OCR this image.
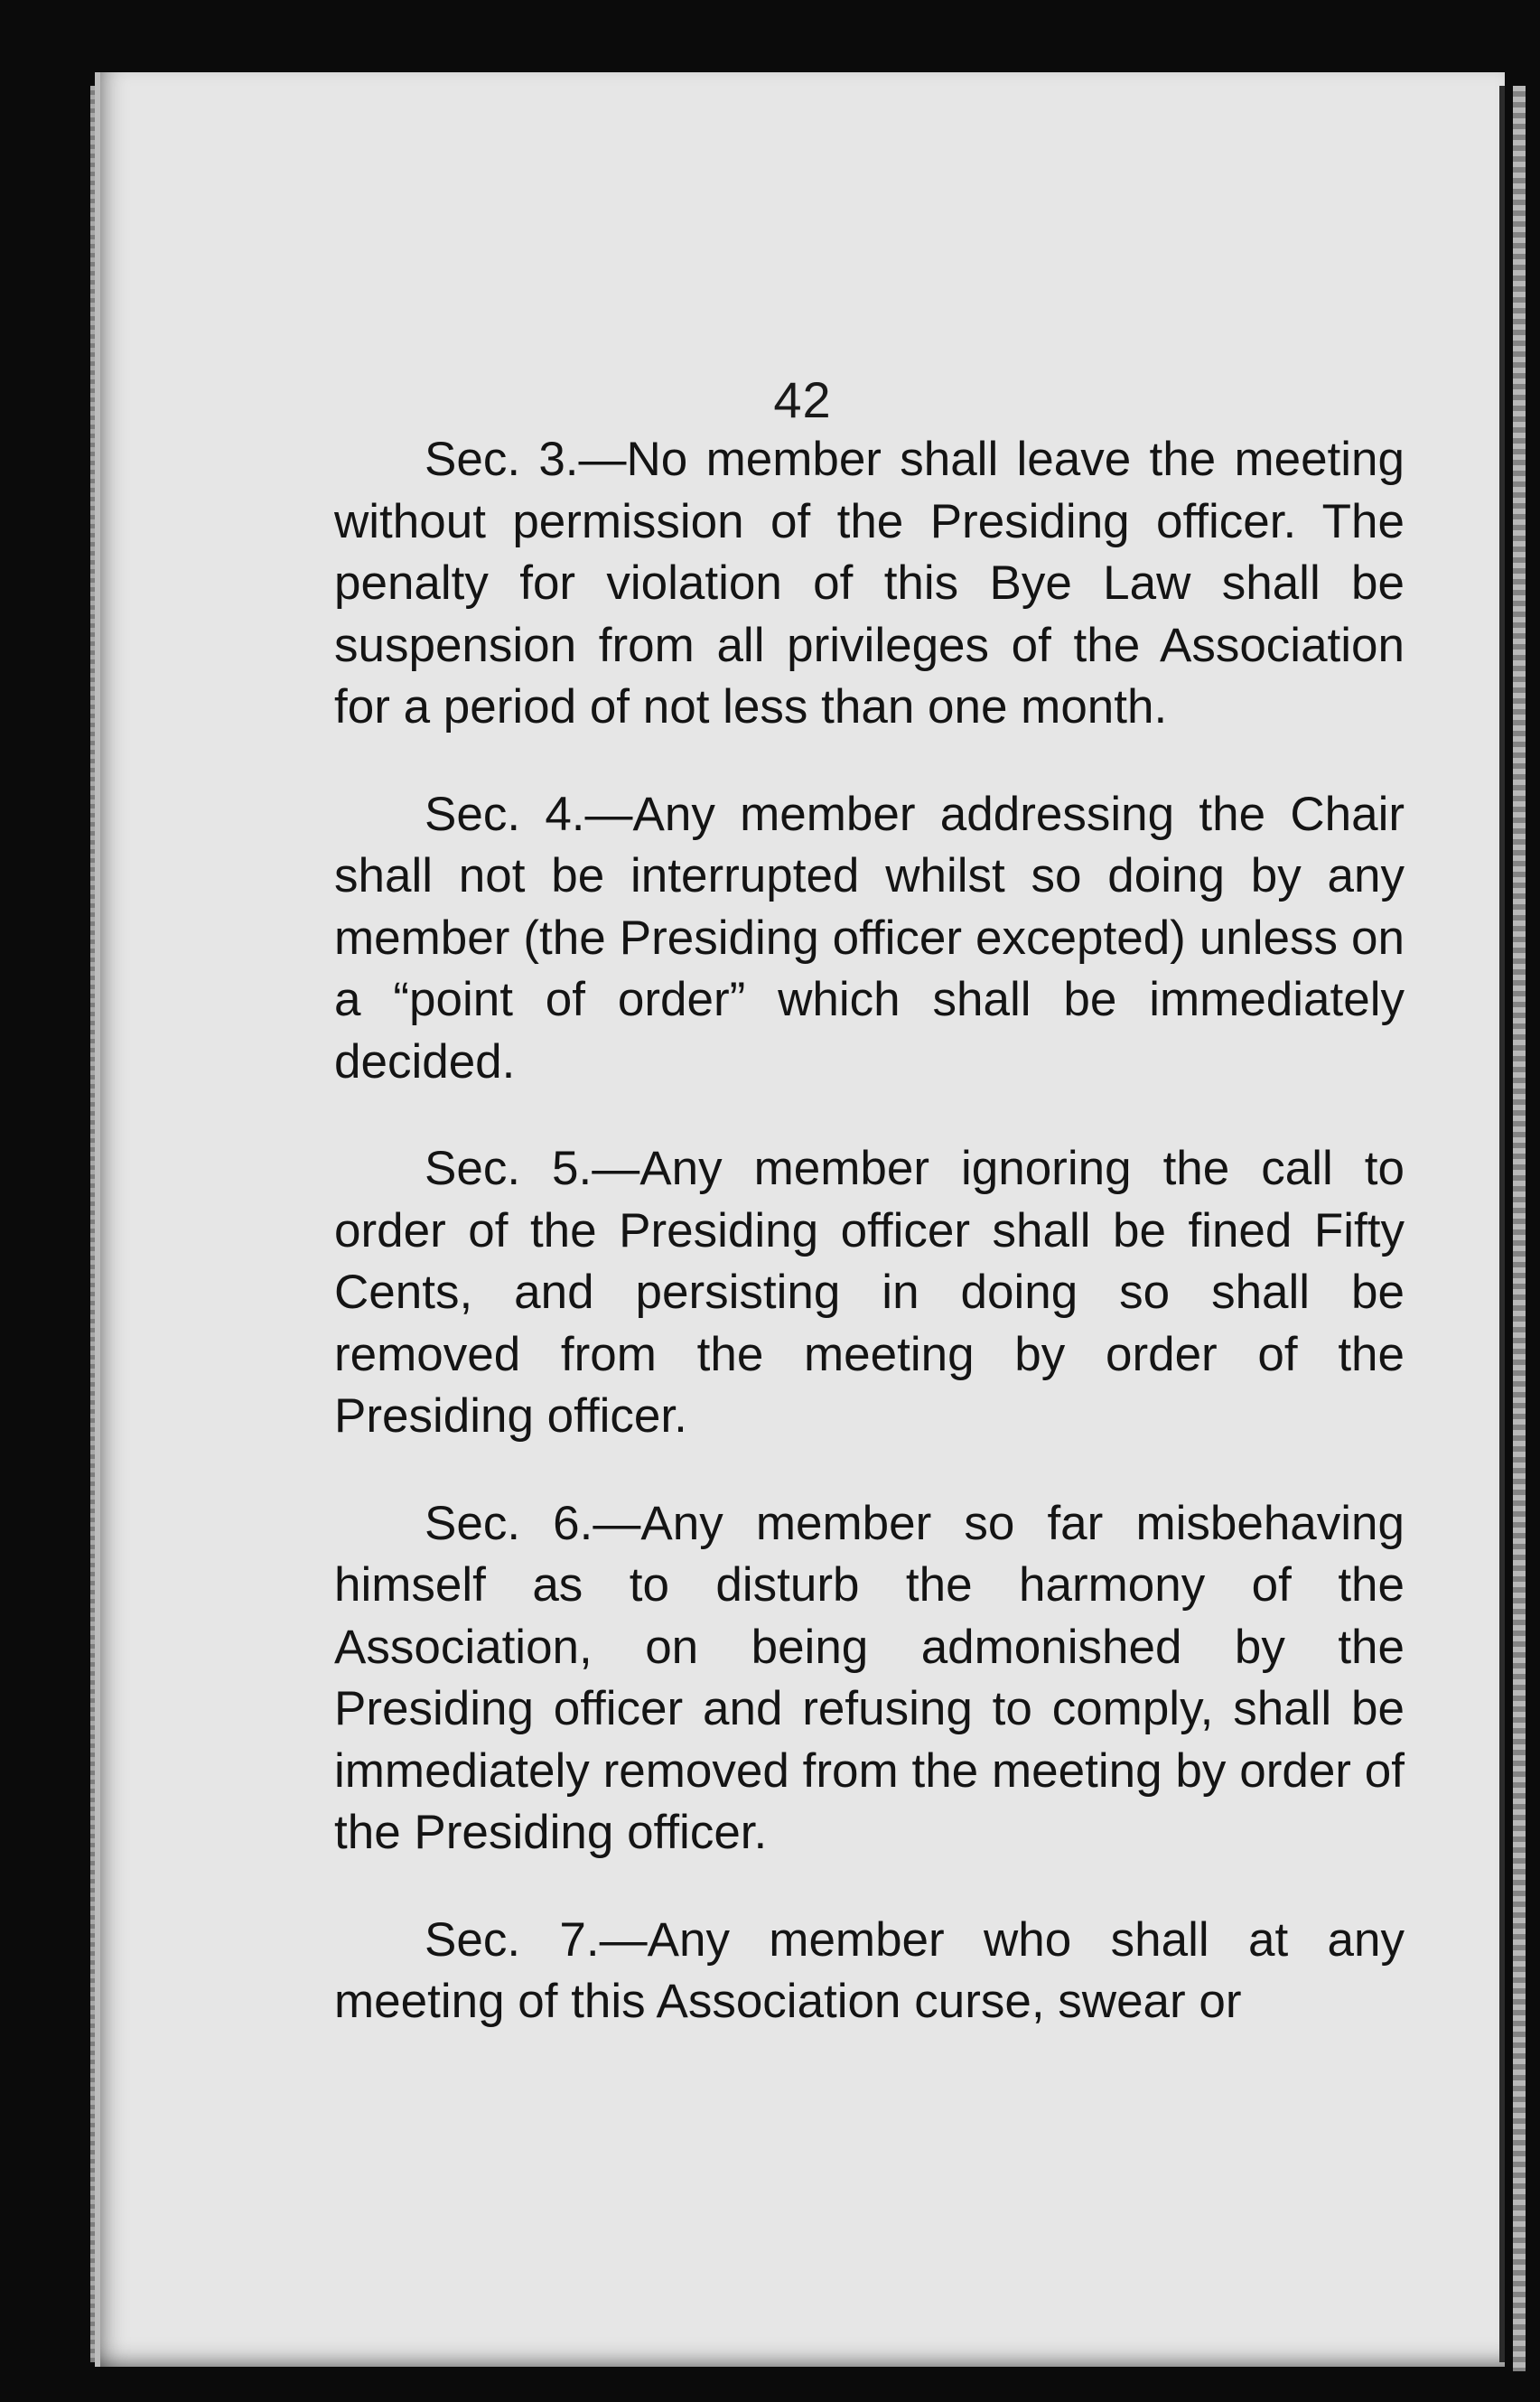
42

Sec. 3.—No member shall leave the meeting without permission of the Presiding officer. The penalty for violation of this Bye Law shall be suspension from all privileges of the Association for a period of not less than one month.

Sec. 4.—Any member addressing the Chair shall not be interrupted whilst so doing by any member (the Presiding officer excepted) unless on a “point of order” which shall be immediately decided.

Sec. 5.—Any member ignoring the call to order of the Presiding officer shall be fined Fifty Cents, and persisting in doing so shall be removed from the meeting by order of the Presiding officer.

Sec. 6.—Any member so far misbehaving himself as to disturb the harmony of the Association, on being admonished by the Presiding officer and refusing to comply, shall be immediately removed from the meeting by order of the Presiding officer.

Sec. 7.—Any member who shall at any meeting of this Association curse, swear or
